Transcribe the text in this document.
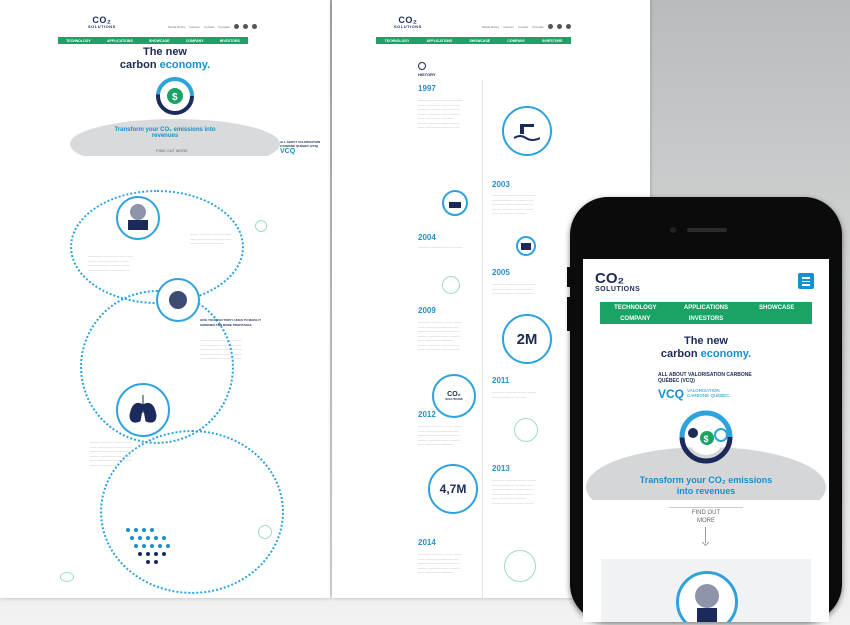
CO₂
SOLUTIONS	Media library Careers Contact Français
TECHNOLOGY	APPLICATIONS	SHOWCASE	COMPANY	INVESTORS
The new
carbon economy.
$
Transform your CO₂ emissions into revenues
ALL ABOUT VALORISATION CARBONE QUÉBEC (VCQ)
VCQ
FIND OUT MORE
————— ————— —— ——
——— ———— ——— ———
—— ————— ———— ——
———— ——— ————— —
——— ———— ——— ———
—— ————— ———— ——
———— ——— ————
GIVE YOUR FACTORY LUNGS TO MAKE IT GREENER AND MORE PROFITABLE
——— ———— ——— ———
—— ————— ———— ——
———— ——— ————— —
——— ———— ——— ———
—— ————— ———— ——
——— ———— ——— ———
—— ————— ———— ——
———— ——— ————— —
——— ———— ——— ———
—— ————— ———— ——
———— ——— ——
CO₂
SOLUTIONS	Media library Careers Contact Français
TECHNOLOGY	APPLICATIONS	SHOWCASE	COMPANY	INVESTORS
HISTORY
1997
———— ———— ——— ———
—— ————— ———— ——
———— ——— ————— —
——— ———— ——— ———
—— ————— ————
——— ———— ——— ———
—— ————— ———— ——
2003
———— ———— ——— ———
—— ————— ———— ——
———— ——— ————— —
——— ———— ——— ———
—— ————— ————
2004
———— ———— ——— ———
2005
———— ———— ——— ———
—— ————— ———— ——
———— ——— ————— —
2009
———— ———— ——— ———
—— ————— ———— ——
———— ——— ————— —
——— ———— ——— ———
—— ————— ————
——— ———— ——— ———
—— ————— ———— ——
2M
2011
———— ———— ——— ———
—— ————— ————
CO₂
SOLUTIONS
2012
———— ———— ——— ———
—— ————— ———— ——
———— ——— ————— —
——— ———— ——— ———
—— ————— ————
2013
———— ———— ——— ———
—— ————— ———— ——
———— ——— ————— —
——— ———— ——— ———
—— ————— ————
——— ———— ——— ———
4,7M
2014
———— ———— ——— ———
—— ————— ———— ——
———— ——— ————— —
——— ———— ——— ———
—— ————— ————
CO₂
SOLUTIONS
TECHNOLOGY	APPLICATIONS	SHOWCASE
COMPANY	INVESTORS
The new
carbon economy.
ALL ABOUT VALORISATION CARBONE QUÉBEC (VCQ)
VCQ VALORISATION
CARBONE QUÉBEC
$
Transform your CO₂ emissions
into revenues
FIND OUT
MORE
